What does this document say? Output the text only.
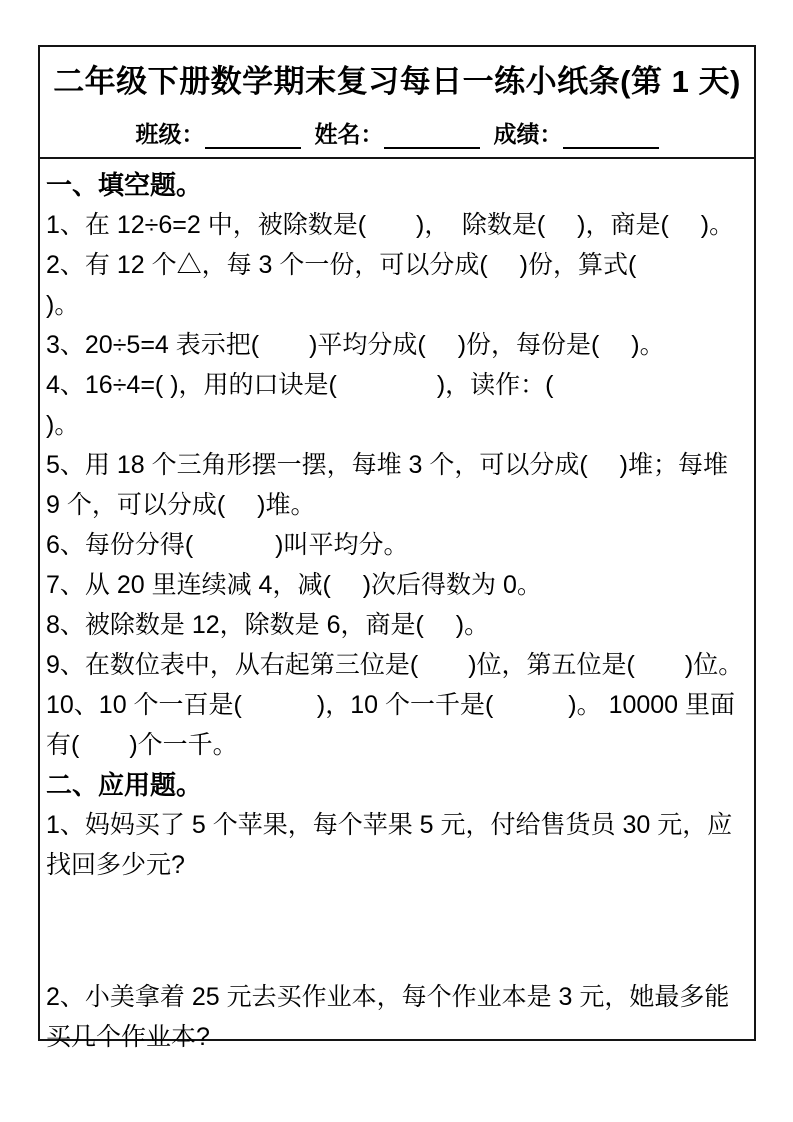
二年级下册数学期末复习每日一练小纸条(第 1 天)
班级：	姓名：	成绩：
一、填空题。
1、在 12÷6=2 中，被除数是(　　)，　除数是(　 )，商是(　 )。
2、有 12 个△，每 3 个一份，可以分成(　 )份，算式(　　　　　)。
3、20÷5=4 表示把(　　)平均分成(　 )份，每份是(　 )。
4、16÷4=( )，用的口诀是(　　　　)，读作：(　　　　　　　)。
5、用 18 个三角形摆一摆，每堆 3 个，可以分成(　 )堆；每堆 9 个，可以分成(　 )堆。
6、每份分得(　　　 )叫平均分。
7、从 20 里连续减 4，减(　 )次后得数为 0。
8、被除数是 12，除数是 6，商是(　 )。
9、在数位表中，从右起第三位是(　　)位，第五位是(　　)位。
10、10 个一百是(　　　)，10 个一千是(　　　)。 10000 里面有(　　)个一千。
二、应用题。
1、妈妈买了 5 个苹果，每个苹果 5 元，付给售货员 30 元，应找回多少元?
2、小美拿着 25 元去买作业本，每个作业本是 3 元，她最多能买几个作业本?
